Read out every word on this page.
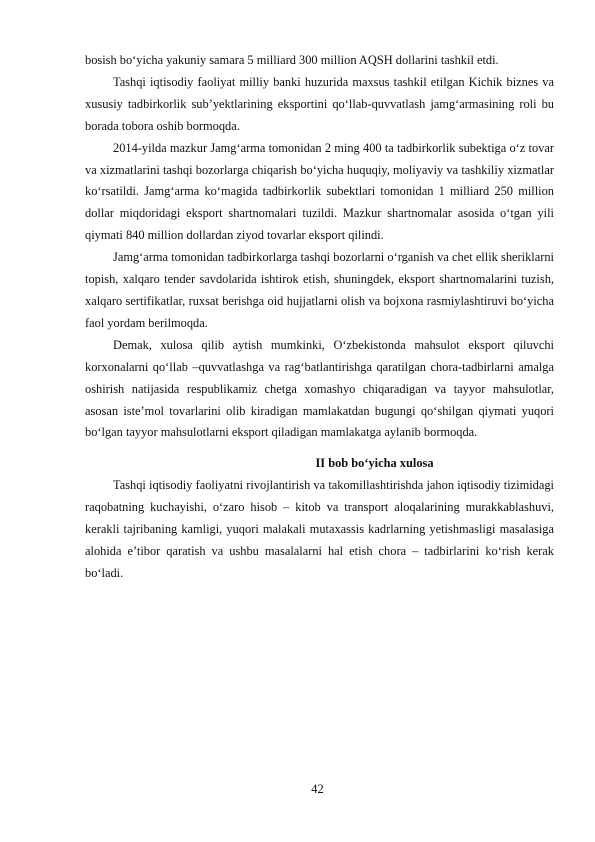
bosish bo‘yicha yakuniy samara 5 milliard 300 million AQSH dollarini tashkil etdi.

Tashqi iqtisodiy faoliyat milliy banki huzurida maxsus tashkil etilgan Kichik biznes va xususiy tadbirkorlik sub’yektlarining eksportini qo‘llab-quvvatlash jamg‘armasining roli bu borada tobora oshib bormoqda.

2014-yilda mazkur Jamg‘arma tomonidan 2 ming 400 ta tadbirkorlik subektiga o‘z tovar va xizmatlarini tashqi bozorlarga chiqarish bo‘yicha huquqiy, moliyaviy va tashkiliy xizmatlar ko‘rsatildi. Jamg‘arma ko‘magida tadbirkorlik subektlari tomonidan 1 milliard 250 million dollar miqdoridagi eksport shartnomalari tuzildi. Mazkur shartnomalar asosida o‘tgan yili qiymati 840 million dollardan ziyod tovarlar eksport qilindi.

Jamg‘arma tomonidan tadbirkorlarga tashqi bozorlarni o‘rganish va chet ellik sheriklarni topish, xalqaro tender savdolarida ishtirok etish, shuningdek, eksport shartnomalarini tuzish, xalqaro sertifikatlar, ruxsat berishga oid hujjatlarni olish va bojxona rasmiylashtiruvi bo‘yicha faol yordam berilmoqda.

Demak, xulosa qilib aytish mumkinki, O‘zbekistonda mahsulot eksport qiluvchi korxonalarni qo‘llab –quvvatlashga va rag‘batlantirishga qaratilgan chora-tadbirlarni amalga oshirish natijasida respublikamiz chetga xomashyo chiqaradigan va tayyor mahsulotlar, asosan iste’mol tovarlarini olib kiradigan mamlakatdan bugungi qo‘shilgan qiymati yuqori bo‘lgan tayyor mahsulotlarni eksport qiladigan mamlakatga aylanib bormoqda.

II bob bo‘yicha xulosa

Tashqi iqtisodiy faoliyatni rivojlantirish va takomillashtirishda jahon iqtisodiy tizimidagi raqobatning kuchayishi, o‘zaro hisob – kitob va transport aloqalarining murakkablashuvi, kerakli tajribaning kamligi, yuqori malakali mutaxassis kadrlarning yetishmasligi masalasiga alohida e’tibor qaratish va ushbu masalalarni hal etish chora – tadbirlarini ko‘rish kerak bo‘ladi.

42
